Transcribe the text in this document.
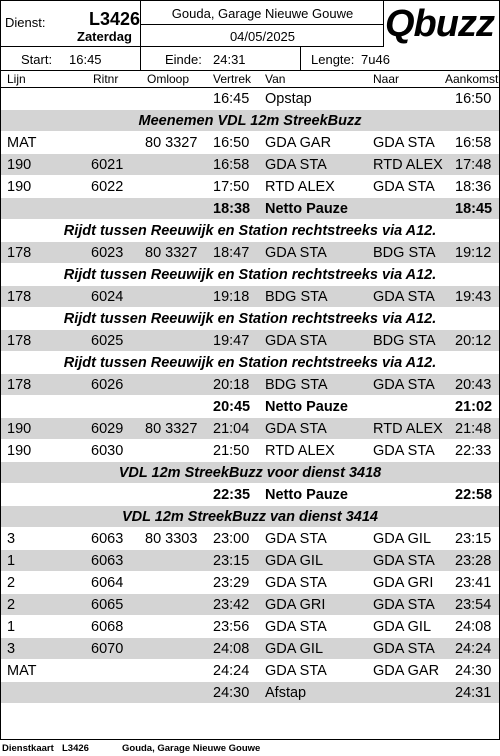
Dienst: L3426
Zaterdag
Gouda, Garage Nieuwe Gouwe
04/05/2025	Qbuzz
Start: 16:45	Einde: 24:31	Lengte: 7u46
Lijn	Ritnr Omloop Vertrek Van	Naar	Aankomst
16:45 Opstap	16:50
Meenemen VDL 12m StreekBuzz
MAT	80 3327 16:50 GDA GAR	GDA STA 16:58
190	6021	16:58 GDA STA	RTD ALEX 17:48
190	6022	17:50 RTD ALEX	GDA STA 18:36
18:38 Netto Pauze	18:45
Rijdt tussen Reeuwijk en Station rechtstreeks via A12.
178	6023 80 3327 18:47 GDA STA	BDG STA 19:12
Rijdt tussen Reeuwijk en Station rechtstreeks via A12.
178	6024	19:18 BDG STA	GDA STA 19:43
Rijdt tussen Reeuwijk en Station rechtstreeks via A12.
178	6025	19:47 GDA STA	BDG STA 20:12
Rijdt tussen Reeuwijk en Station rechtstreeks via A12.
178	6026	20:18 BDG STA	GDA STA 20:43
20:45 Netto Pauze	21:02
190	6029 80 3327 21:04 GDA STA	RTD ALEX 21:48
190	6030	21:50 RTD ALEX	GDA STA 22:33
VDL 12m StreekBuzz voor dienst 3418
22:35 Netto Pauze	22:58
VDL 12m StreekBuzz van dienst 3414
3	6063 80 3303 23:00 GDA STA	GDA GIL 23:15
1	6063	23:15 GDA GIL	GDA STA 23:28
2	6064	23:29 GDA STA	GDA GRI 23:41
2	6065	23:42 GDA GRI	GDA STA 23:54
1	6068	23:56 GDA STA	GDA GIL 24:08
3	6070	24:08 GDA GIL	GDA STA 24:24
MAT	24:24 GDA STA	GDA GAR 24:30
24:30 Afstap	24:31
Dienstkaart L3426	Gouda, Garage Nieuwe Gouwe
